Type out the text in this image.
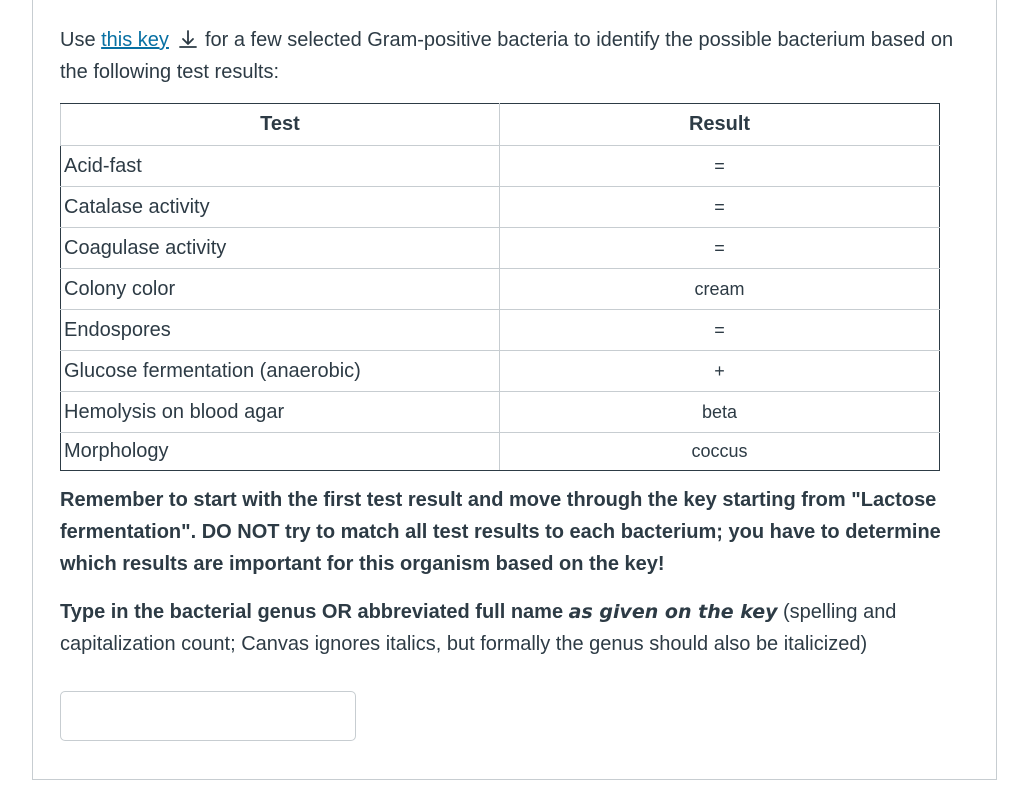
Use this key for a few selected Gram-positive bacteria to identify the possible bacterium based on the following test results:
Test	Result
Acid-fast	=
Catalase activity	=
Coagulase activity	=
Colony color	cream
Endospores	=
Glucose fermentation (anaerobic)	+
Hemolysis on blood agar	beta
Morphology	coccus

Remember to start with the first test result and move through the key starting from "Lactose fermentation". DO NOT try to match all test results to each bacterium; you have to determine which results are important for this organism based on the key!

Type in the bacterial genus OR abbreviated full name as given on the key (spelling and capitalization count; Canvas ignores italics, but formally the genus should also be italicized)
